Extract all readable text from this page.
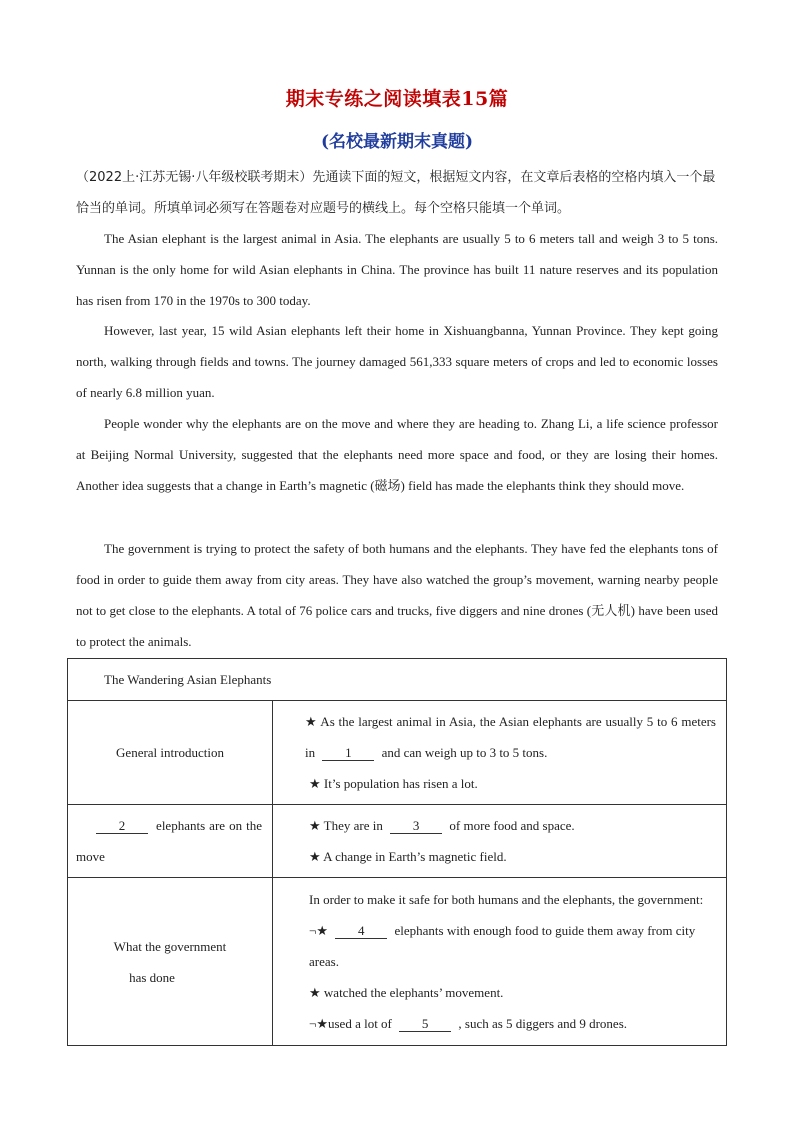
期末专练之阅读填表15篇
(名校最新期末真题)
（2022上·江苏无锡·八年级校联考期末）先通读下面的短文，根据短文内容，在文章后表格的空格内填入一个最恰当的单词。所填单词必须写在答题卷对应题号的横线上。每个空格只能填一个单词。

The Asian elephant is the largest animal in Asia. The elephants are usually 5 to 6 meters tall and weigh 3 to 5 tons. Yunnan is the only home for wild Asian elephants in China. The province has built 11 nature reserves and its population has risen from 170 in the 1970s to 300 today.

However, last year, 15 wild Asian elephants left their home in Xishuangbanna, Yunnan Province. They kept going north, walking through fields and towns. The journey damaged 561,333 square meters of crops and led to economic losses of nearly 6.8 million yuan.

People wonder why the elephants are on the move and where they are heading to. Zhang Li, a life science professor at Beijing Normal University, suggested that the elephants need more space and food, or they are losing their homes. Another idea suggests that a change in Earth’s magnetic (磁场) field has made the elephants think they should move.

The government is trying to protect the safety of both humans and the elephants. They have fed the elephants tons of food in order to guide them away from city areas. They have also watched the group’s movement, warning nearby people not to get close to the elephants. A total of 76 police cars and trucks, five diggers and nine drones (无人机) have been used to protect the animals.

The Wandering Asian Elephants	
General introduction	★ As the largest animal in Asia, the Asian elephants are usually 5 to 6 meters in 1 and can weigh up to 3 to 5 tons.
★ It’s population has risen a lot.

2 elephants are on the move	★ They are in 3 of more food and space.
★ A change in Earth’s magnetic field.

What the government
has done	In order to make it safe for both humans and the elephants, the government:
¬★ 4 elephants with enough food to guide them away from city areas.
★ watched the elephants’ movement.
¬★used a lot of 5 , such as 5 diggers and 9 drones.
